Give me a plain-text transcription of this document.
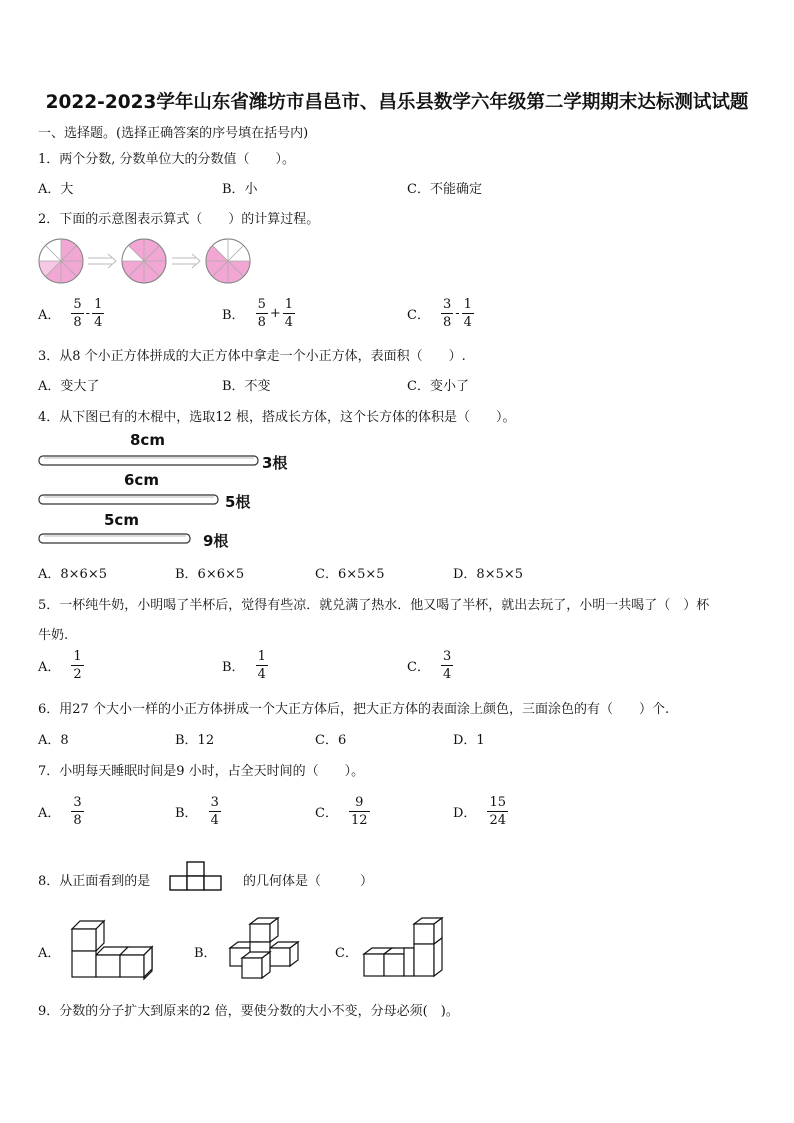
2022-2023学年山东省潍坊市昌邑市、昌乐县数学六年级第二学期期末达标测试试题
一、选择题。(选择正确答案的序号填在括号内)
1．两个分数, 分数单位大的分数值（　　）。
A．大	B．小	C．不能确定
2．下面的示意图表示算式（　　）的计算过程。
A． $\frac{5}{8} - \frac{1}{4}$	B． $\frac{5}{8} + \frac{1}{4}$	C． $\frac{3}{8} - \frac{1}{4}$
3．从8 个小正方体拼成的大正方体中拿走一个小正方体，表面积（　　）.
A．变大了	B．不变	C．变小了
4．从下图已有的木棍中，选取12 根，搭成长方体，这个长方体的体积是（　　）。
8cm
3根
6cm
5根
5cm
9根
A．8×6×5	B．6×6×5	C．6×5×5	D．8×5×5
5．一杯纯牛奶，小明喝了半杯后，觉得有些凉．就兑满了热水．他又喝了半杯，就出去玩了，小明一共喝了（　）杯
牛奶.
A． $\frac{1}{2}$	B． $\frac{1}{4}$	C． $\frac{3}{4}$
6．用27 个大小一样的小正方体拼成一个大正方体后，把大正方体的表面涂上颜色，三面涂色的有（　　）个.
A．8	B．12	C．6	D．1
7．小明每天睡眠时间是9 小时，占全天时间的（　　）。
A． $\frac{3}{8}$	B． $\frac{3}{4}$	C． $\frac{9}{12}$	D． $\frac{15}{24}$
8．从正面看到的是	的几何体是（　　　）
A．	B．	C．
9．分数的分子扩大到原来的2 倍，要使分数的大小不变，分母必须(　)。
